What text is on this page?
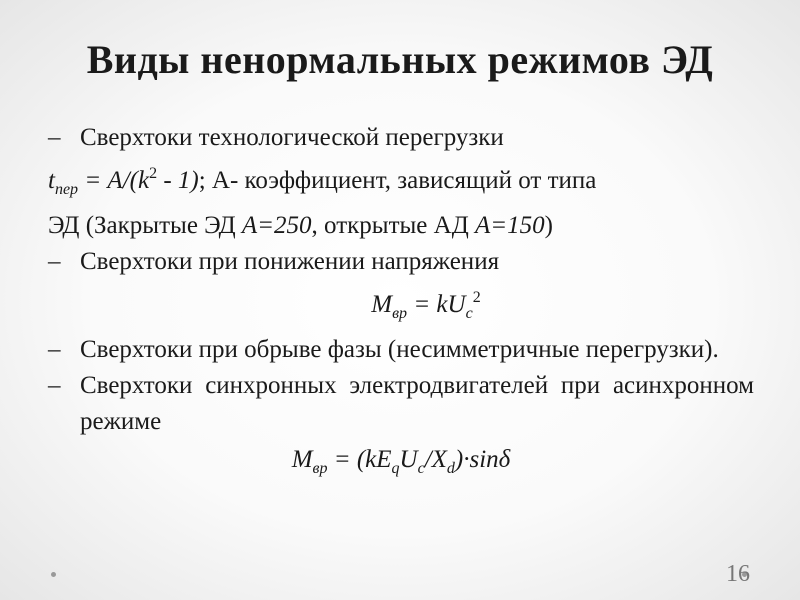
Виды ненормальных режимов ЭД
– Сверхтоки технологической перегрузки
$t_{пер} = A/(k^2 - 1)$; А- коэффициент, зависящий от типа
ЭД (Закрытые ЭД A=250, открытые АД A=150)
– Сверхтоки при понижении напряжения
$M_{вр} = kU_c^2$
– Сверхтоки при обрыве фазы (несимметричные перегрузки).
– Сверхтоки синхронных электродвигателей при асинхронном режиме
$M_{вр} = (kE_qU_c/X_d)\cdot\sin\delta$
16
